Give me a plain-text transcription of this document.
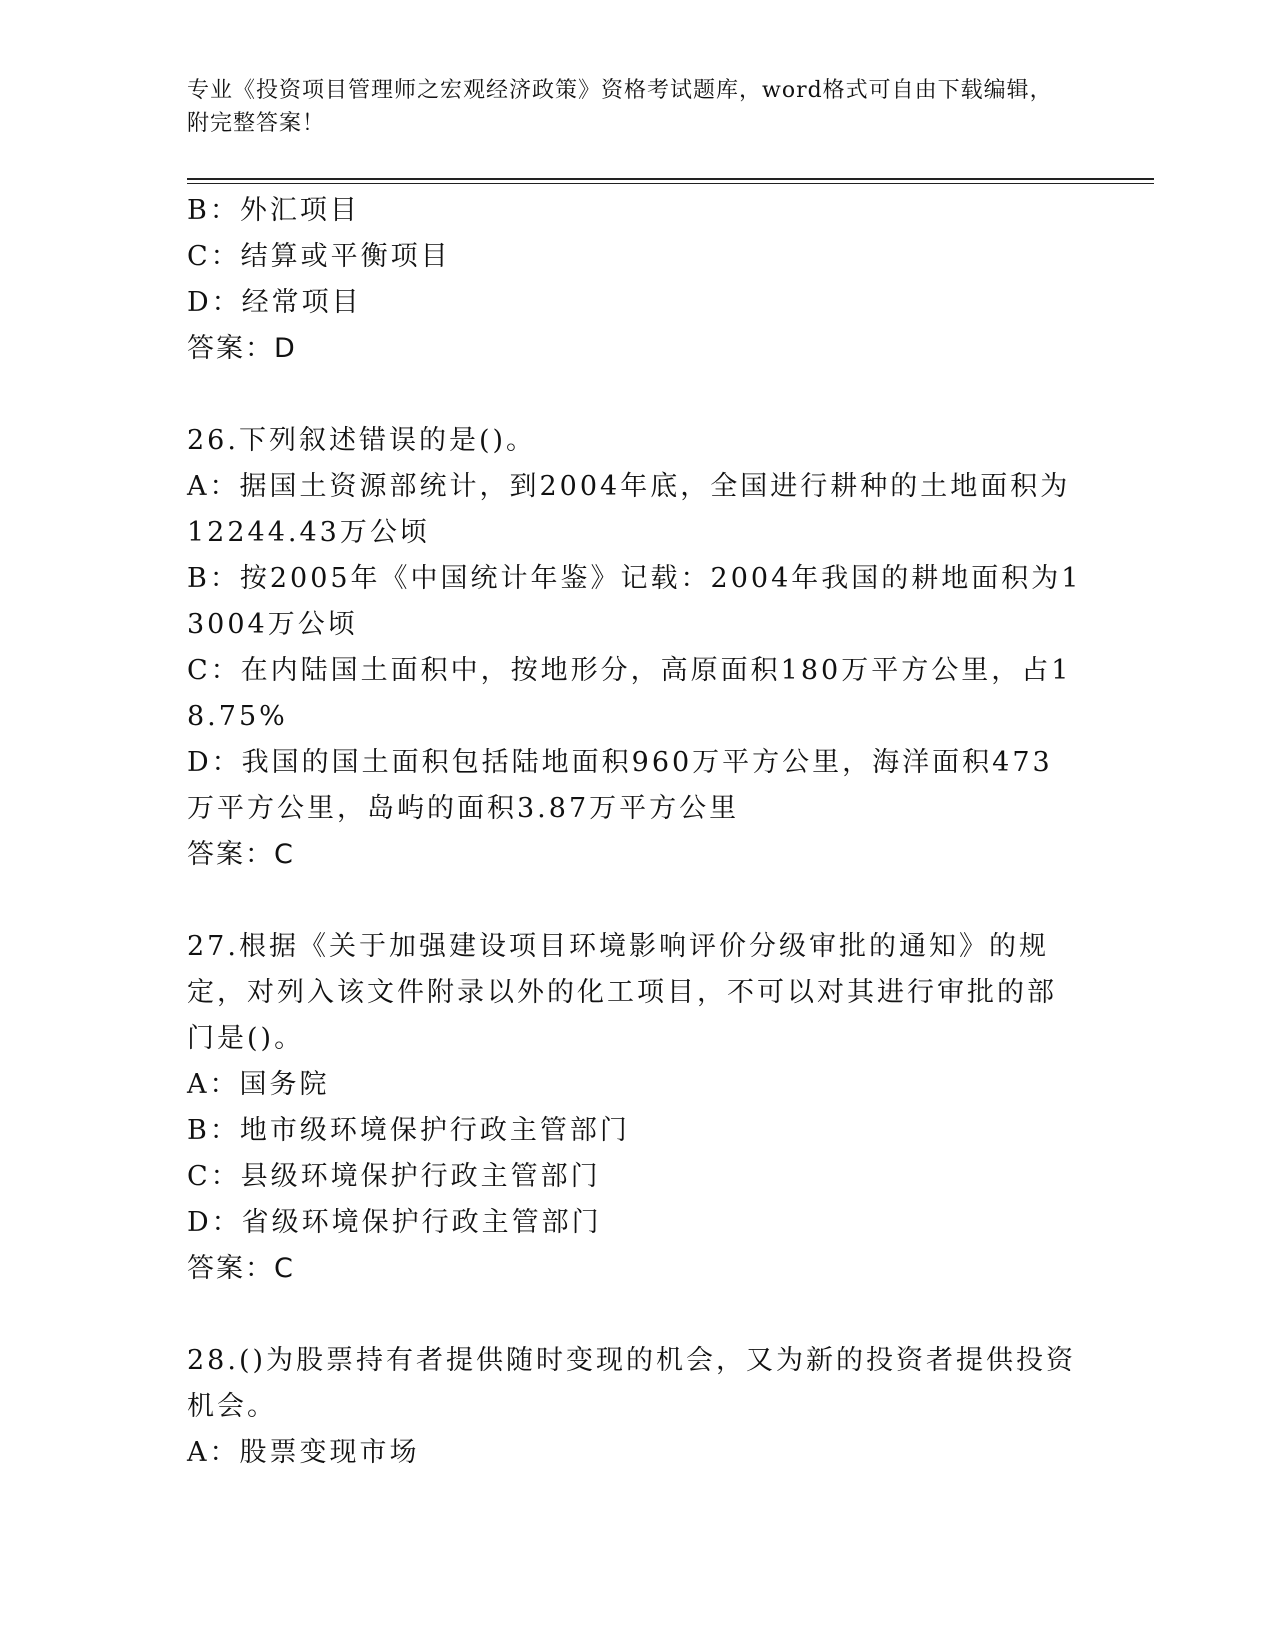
专业《投资项目管理师之宏观经济政策》资格考试题库，word格式可自由下载编辑，附完整答案！

B：外汇项目

C：结算或平衡项目

D：经常项目

答案：D

26.下列叙述错误的是()。

A：据国土资源部统计，到2004年底，全国进行耕种的土地面积为12244.43万公顷

B：按2005年《中国统计年鉴》记载：2004年我国的耕地面积为13004万公顷

C：在内陆国土面积中，按地形分，高原面积180万平方公里，占18.75%

D：我国的国土面积包括陆地面积960万平方公里，海洋面积473万平方公里，岛屿的面积3.87万平方公里

答案：C

27.根据《关于加强建设项目环境影响评价分级审批的通知》的规定，对列入该文件附录以外的化工项目，不可以对其进行审批的部门是()。

A：国务院

B：地市级环境保护行政主管部门

C：县级环境保护行政主管部门

D：省级环境保护行政主管部门

答案：C

28.()为股票持有者提供随时变现的机会，又为新的投资者提供投资机会。

A：股票变现市场
